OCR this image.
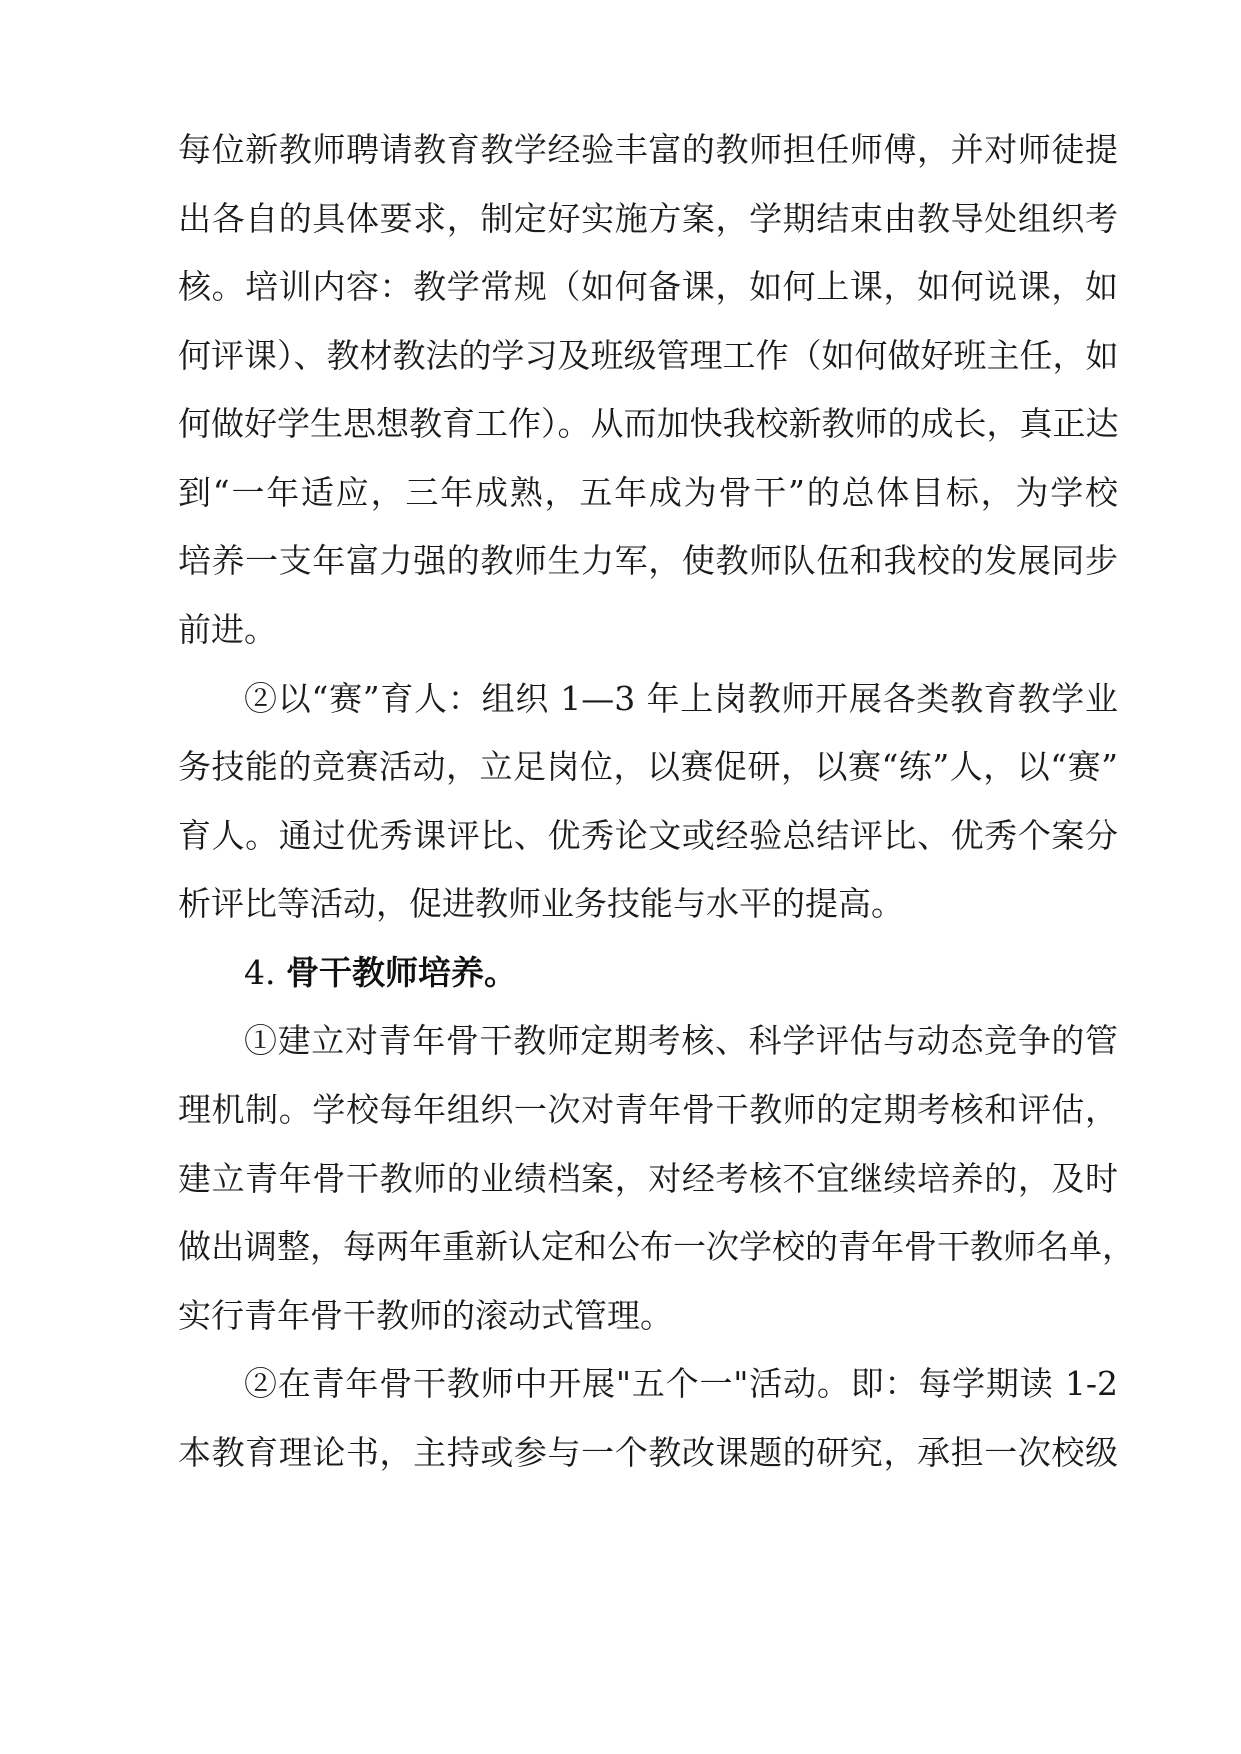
每位新教师聘请教育教学经验丰富的教师担任师傅，并对师徒提
出各自的具体要求，制定好实施方案，学期结束由教导处组织考
核。培训内容：教学常规（如何备课，如何上课，如何说课，如
何评课）、教材教法的学习及班级管理工作（如何做好班主任，如
何做好学生思想教育工作）。从而加快我校新教师的成长，真正达
到“一年适应，三年成熟，五年成为骨干”的总体目标，为学校
培养一支年富力强的教师生力军，使教师队伍和我校的发展同步
前进。
②以“赛”育人：组织 1—3 年上岗教师开展各类教育教学业
务技能的竞赛活动，立足岗位，以赛促研，以赛“练”人，以“赛”
育人。通过优秀课评比、优秀论文或经验总结评比、优秀个案分
析评比等活动，促进教师业务技能与水平的提高。
4. 骨干教师培养。
①建立对青年骨干教师定期考核、科学评估与动态竞争的管
理机制。学校每年组织一次对青年骨干教师的定期考核和评估，
建立青年骨干教师的业绩档案，对经考核不宜继续培养的，及时
做出调整，每两年重新认定和公布一次学校的青年骨干教师名单，
实行青年骨干教师的滚动式管理。
②在青年骨干教师中开展"五个一"活动。即：每学期读 1-2
本教育理论书，主持或参与一个教改课题的研究，承担一次校级
